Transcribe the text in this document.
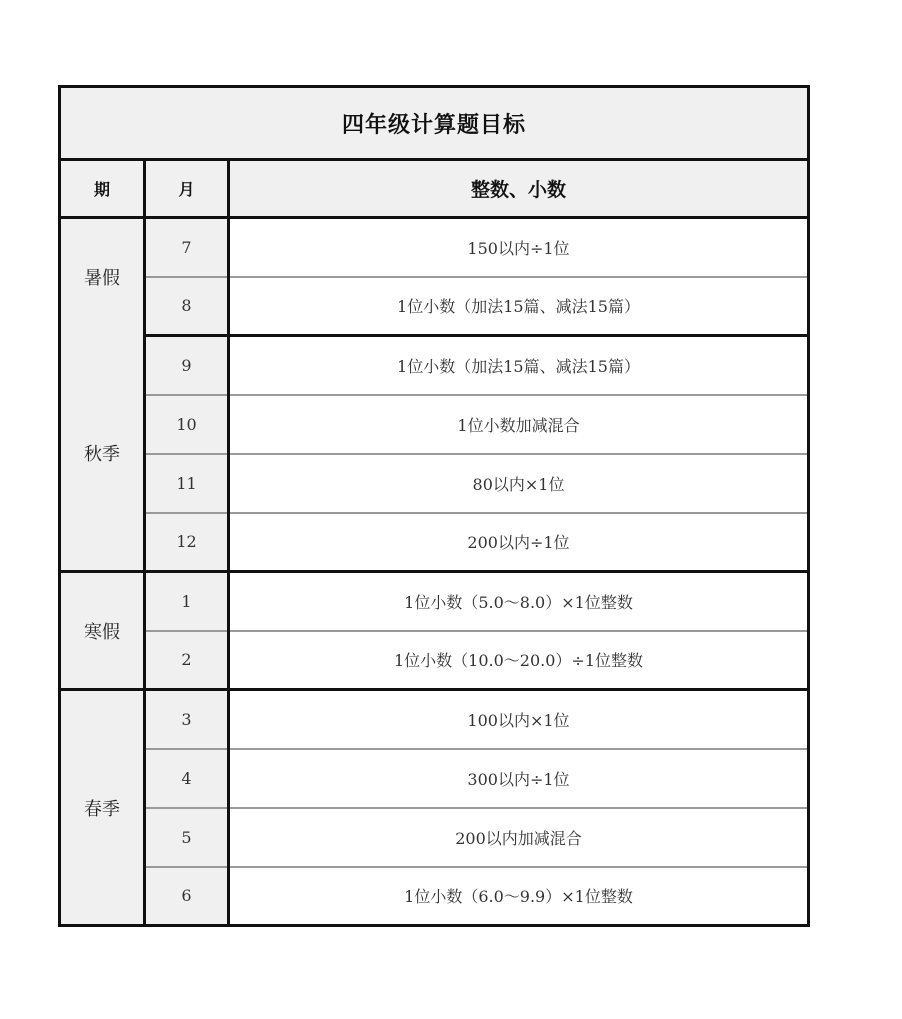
四年级计算题目标		
期	月	整数、小数
暑假	7	150以内÷1位
	8	1位小数（加法15篇、减法15篇）
秋季	9	1位小数（加法15篇、减法15篇）
	10	1位小数加减混合
	11	80以内×1位
	12	200以内÷1位
寒假	1	1位小数（5.0～8.0）×1位整数
	2	1位小数（10.0～20.0）÷1位整数
春季	3	100以内×1位
	4	300以内÷1位
	5	200以内加减混合
	6	1位小数（6.0～9.9）×1位整数
